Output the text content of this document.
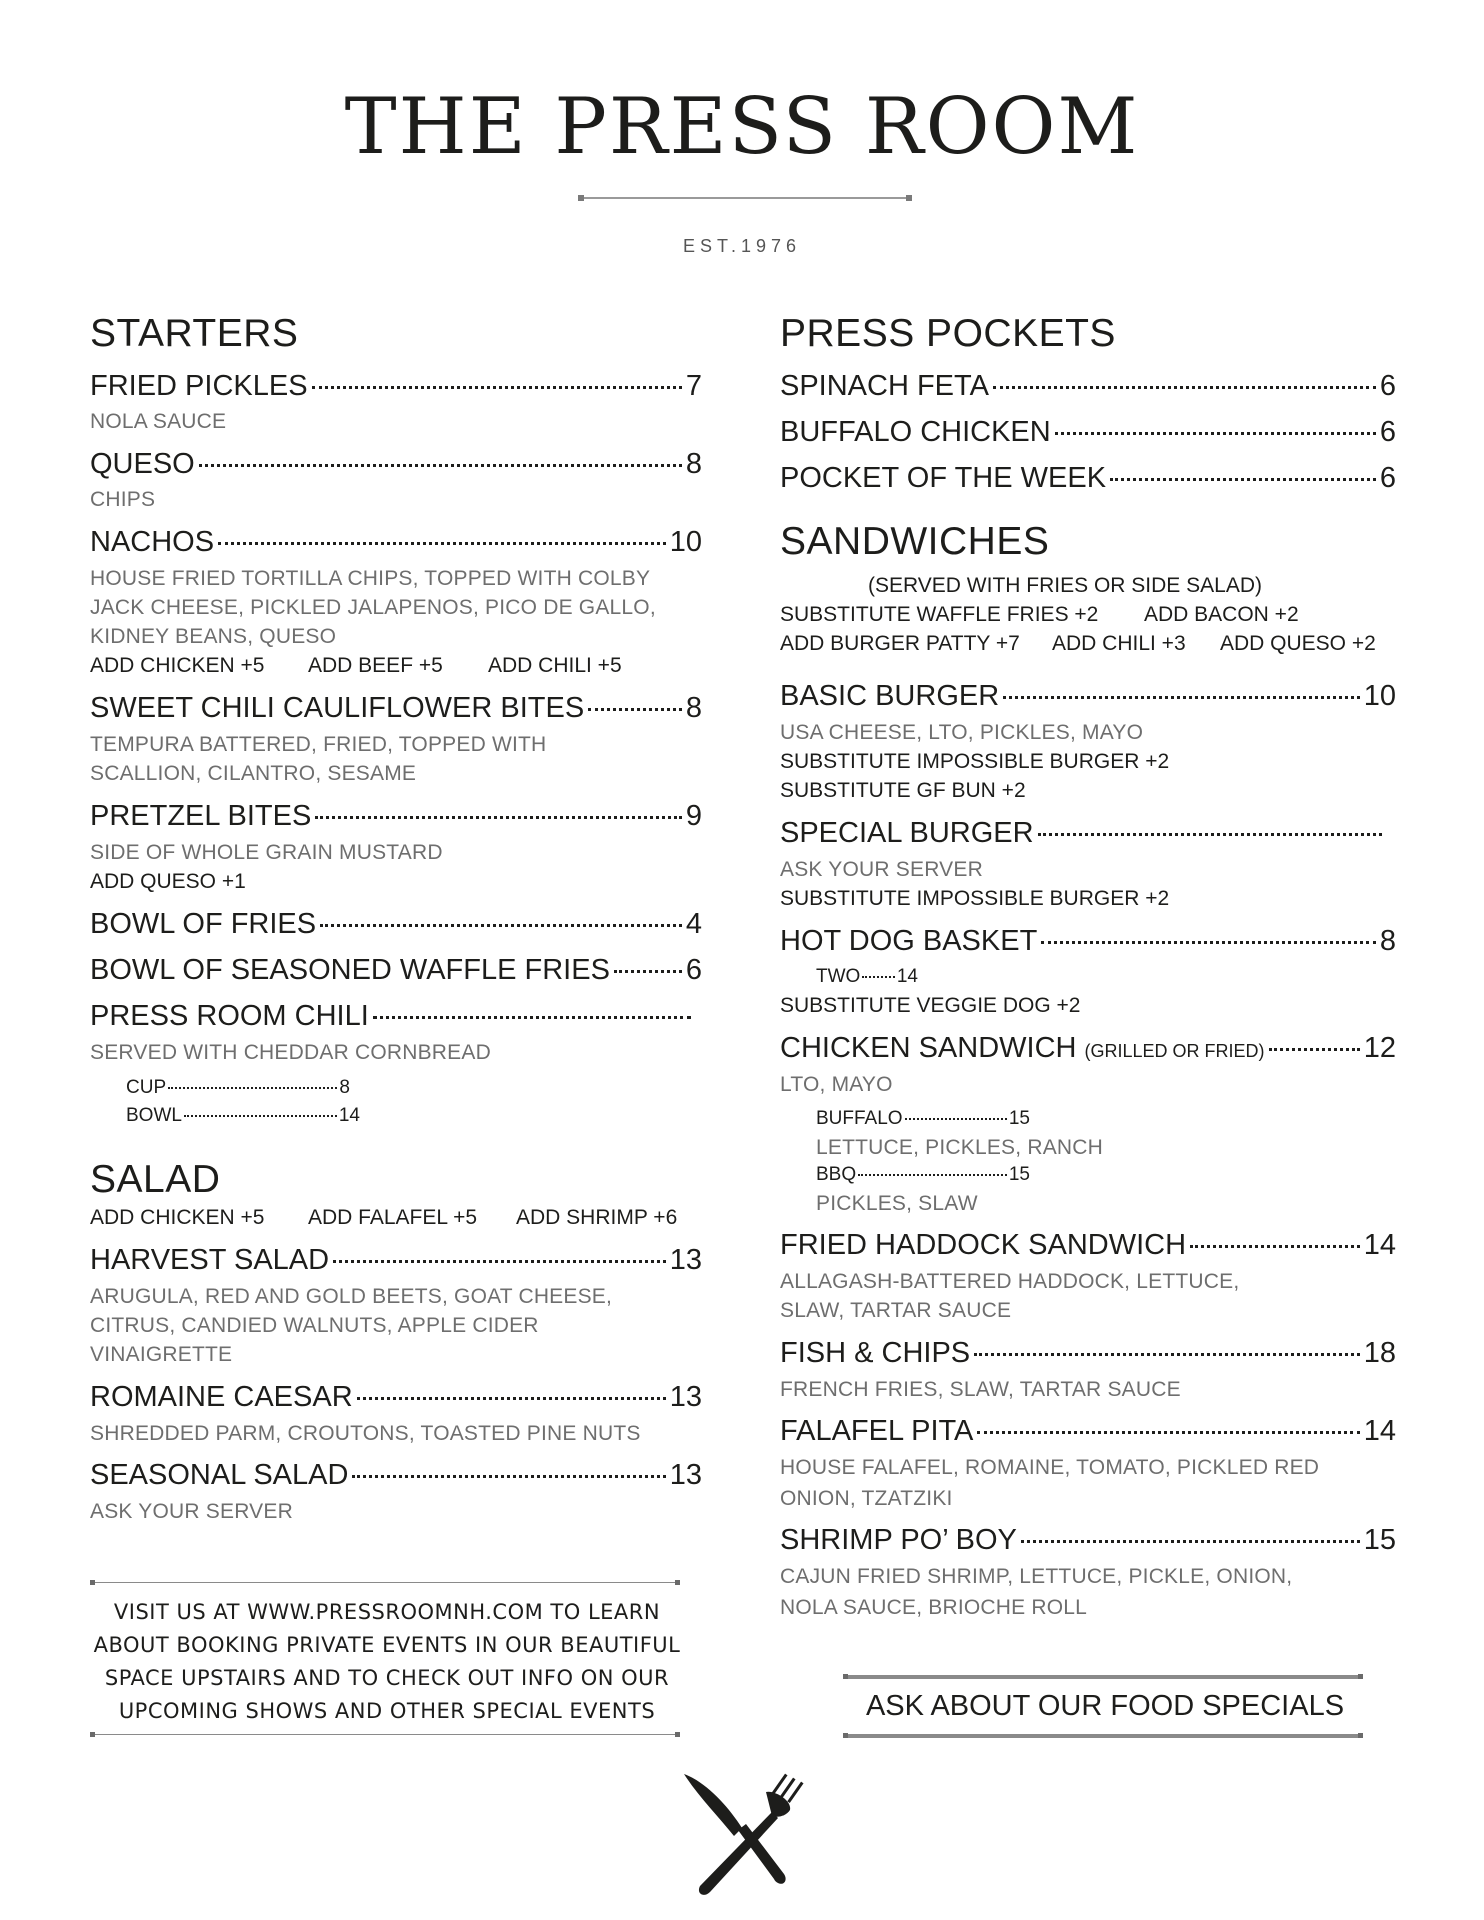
THE PRESS ROOM
EST.1976
STARTERS
FRIED PICKLES	7
NOLA SAUCE
QUESO	8
CHIPS
NACHOS	10
HOUSE FRIED TORTILLA CHIPS, TOPPED WITH COLBY
JACK CHEESE, PICKLED JALAPENOS, PICO DE GALLO,
KIDNEY BEANS, QUESO
ADD CHICKEN +5 ADD BEEF +5 ADD CHILI +5
SWEET CHILI CAULIFLOWER BITES	8
TEMPURA BATTERED, FRIED, TOPPED WITH
SCALLION, CILANTRO, SESAME
PRETZEL BITES	9
SIDE OF WHOLE GRAIN MUSTARD
ADD QUESO +1
BOWL OF FRIES	4
BOWL OF SEASONED WAFFLE FRIES	6
PRESS ROOM CHILI
SERVED WITH CHEDDAR CORNBREAD
CUP	8
BOWL	14
SALAD
ADD CHICKEN +5 ADD FALAFEL +5 ADD SHRIMP +6
HARVEST SALAD	13
ARUGULA, RED AND GOLD BEETS, GOAT CHEESE,
CITRUS, CANDIED WALNUTS, APPLE CIDER
VINAIGRETTE
ROMAINE CAESAR	13
SHREDDED PARM, CROUTONS, TOASTED PINE NUTS
SEASONAL SALAD	13
ASK YOUR SERVER
VISIT US AT WWW.PRESSROOMNH.COM TO LEARN
ABOUT BOOKING PRIVATE EVENTS IN OUR BEAUTIFUL
SPACE UPSTAIRS AND TO CHECK OUT INFO ON OUR
UPCOMING SHOWS AND OTHER SPECIAL EVENTS
PRESS POCKETS
SPINACH FETA	6
BUFFALO CHICKEN	6
POCKET OF THE WEEK	6
SANDWICHES
(SERVED WITH FRIES OR SIDE SALAD)
SUBSTITUTE WAFFLE FRIES +2 ADD BACON +2
ADD BURGER PATTY +7 ADD CHILI +3 ADD QUESO +2
BASIC BURGER	10
USA CHEESE, LTO, PICKLES, MAYO
SUBSTITUTE IMPOSSIBLE BURGER +2
SUBSTITUTE GF BUN +2
SPECIAL BURGER
ASK YOUR SERVER
SUBSTITUTE IMPOSSIBLE BURGER +2
HOT DOG BASKET	8
TWO 14
SUBSTITUTE VEGGIE DOG +2
CHICKEN SANDWICH
(GRILLED OR FRIED)	12
LTO, MAYO
BUFFALO	15
LETTUCE, PICKLES, RANCH
BBQ	15
PICKLES, SLAW
FRIED HADDOCK SANDWICH	14
ALLAGASH-BATTERED HADDOCK, LETTUCE,
SLAW, TARTAR SAUCE
FISH & CHIPS	18
FRENCH FRIES, SLAW, TARTAR SAUCE
FALAFEL PITA	14
HOUSE FALAFEL, ROMAINE, TOMATO, PICKLED RED
ONION, TZATZIKI
SHRIMP PO’ BOY	15
CAJUN FRIED SHRIMP, LETTUCE, PICKLE, ONION,
NOLA SAUCE, BRIOCHE ROLL
ASK ABOUT OUR FOOD SPECIALS
